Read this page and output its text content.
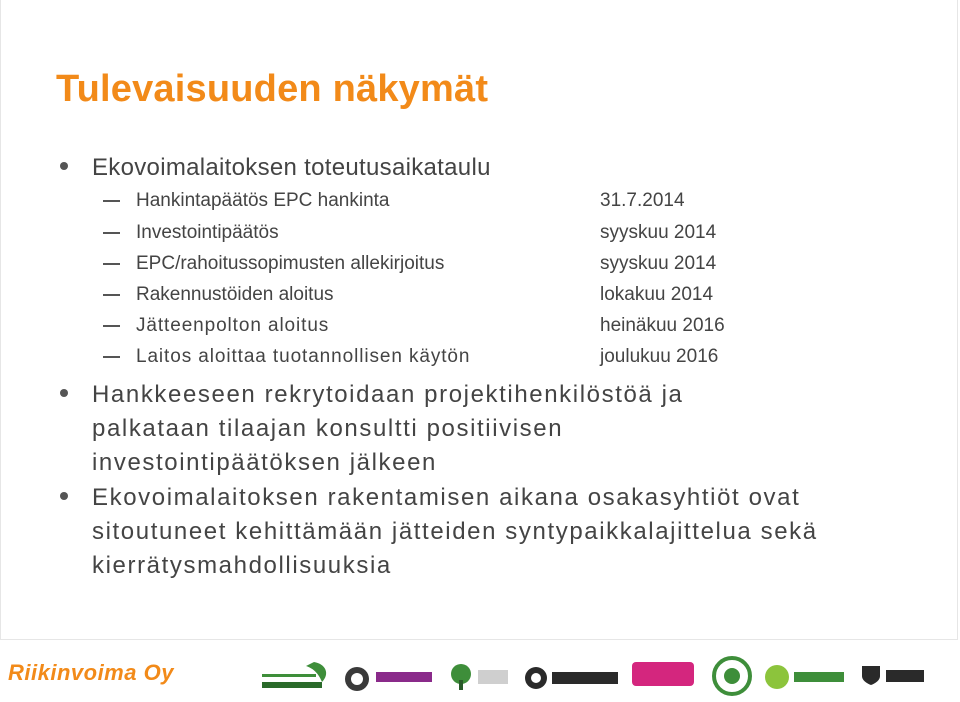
Tulevaisuuden näkymät
Ekovoimalaitoksen toteutusaikataulu
Hankintapäätös EPC hankinta	31.7.2014
Investointipäätös	syyskuu 2014
EPC/rahoitussopimusten allekirjoitus	syyskuu 2014
Rakennustöiden aloitus	lokakuu 2014
Jätteenpolton aloitus	heinäkuu 2016
Laitos aloittaa tuotannollisen käytön	joulukuu 2016
Hankkeeseen rekrytoidaan projektihenkilöstöä ja palkataan tilaajan konsultti positiivisen investointipäätöksen jälkeen
Ekovoimalaitoksen rakentamisen aikana osakasyhtiöt ovat sitoutuneet kehittämään jätteiden syntypaikkalajittelua sekä kierrätysmahdollisuuksia
Riikinvoima Oy
